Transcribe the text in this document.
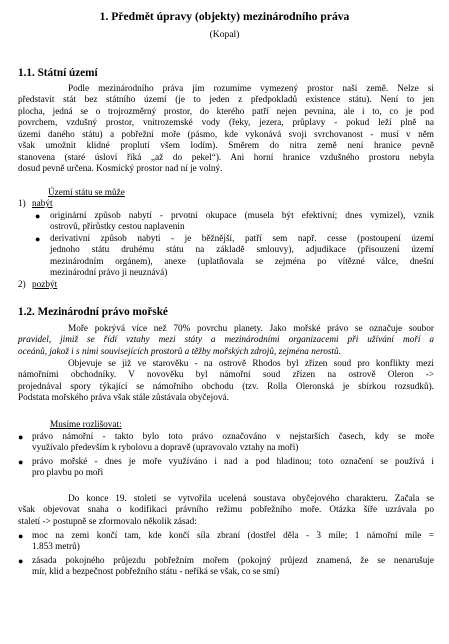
1. Předmět úpravy (objekty) mezinárodního práva
(Kopal)
1.1. Státní území
Podle mezinárodního práva jím rozumíme vymezený prostor naší země. Nelze si
představit stát bez státního území (je to jeden z předpokladů existence státu). Není to jen
plocha, jedná se o trojrozměrný prostor, do kterého patří nejen pevnina, ale i to, co je pod
povrchem, vzdušný prostor, vnitrozemské vody (řeky, jezera, průplavy - pokud leží plně na
území daného státu) a pobřežní moře (pásmo, kde vykonává svoji svrchovanost - musí v něm
však umožnit klidné proplutí všem lodím). Směrem do nitra země není hranice pevně
stanovena (staré úsloví říká „až do pekel“). Ani horní hranice vzdušného prostoru nebyla
dosud pevně určena. Kosmický prostor nad ní je volný.
Území státu se může
1) nabýt
● originární způsob nabytí - prvotní okupace (musela být efektivní; dnes vymizel), vznik
ostrovů, přírůstky cestou naplavenin
● derivativní způsob nabytí - je běžnější, patří sem např. cesse (postoupení území
jednoho státu druhému státu na základě smlouvy), adjudikace (přisouzení území
mezinárodním orgánem), anexe (uplatňovala se zejména po vítězné válce, dnešní
mezinárodní právo ji neuznává)
2) pozbýt
1.2. Mezinárodní právo mořské
Moře pokrývá více než 70% povrchu planety. Jako mořské právo se označuje soubor
pravidel, jimiž se řídí vztahy mezi státy a mezinárodními organizacemi při užívání moří a
oceánů, jakož i s nimi souvisejících prostorů a těžby mořských zdrojů, zejména nerostů.
Objevuje se již ve starověku - na ostrově Rhodos byl zřízen soud pro konflikty mezi
námořními obchodníky. V novověku byl námořní soud zřízen na ostrově Oleron ->
projednával spory týkající se námořního obchodu (tzv. Rolla Oleronská je sbírkou rozsudků).
Podstata mořského práva však stále zůstávala obyčejová.
Musíme rozlišovat:
● právo námořní - takto bylo toto právo označováno v nejstarších časech, kdy se moře
využívalo především k rybolovu a dopravě (upravovalo vztahy na moři)
● právo mořské - dnes je moře využíváno i nad a pod hladinou; toto označení se používá i
pro plavbu po moři
Do konce 19. století se vytvořila ucelená soustava obyčejového charakteru. Začala se
však objevovat snaha o kodifikaci právního režimu pobřežního moře. Otázka šíře uzrávala po
staletí -> postupně se zformovalo několik zásad:
● moc na zemi končí tam, kde končí síla zbraní (dostřel děla - 3 míle; 1 námořní míle =
1.853 metrů)
● zásada pokojného průjezdu pobřežním mořem (pokojný průjezd znamená, že se nenarušuje
mír, klid a bezpečnost pobřežního státu - neříká se však, co se smí)
